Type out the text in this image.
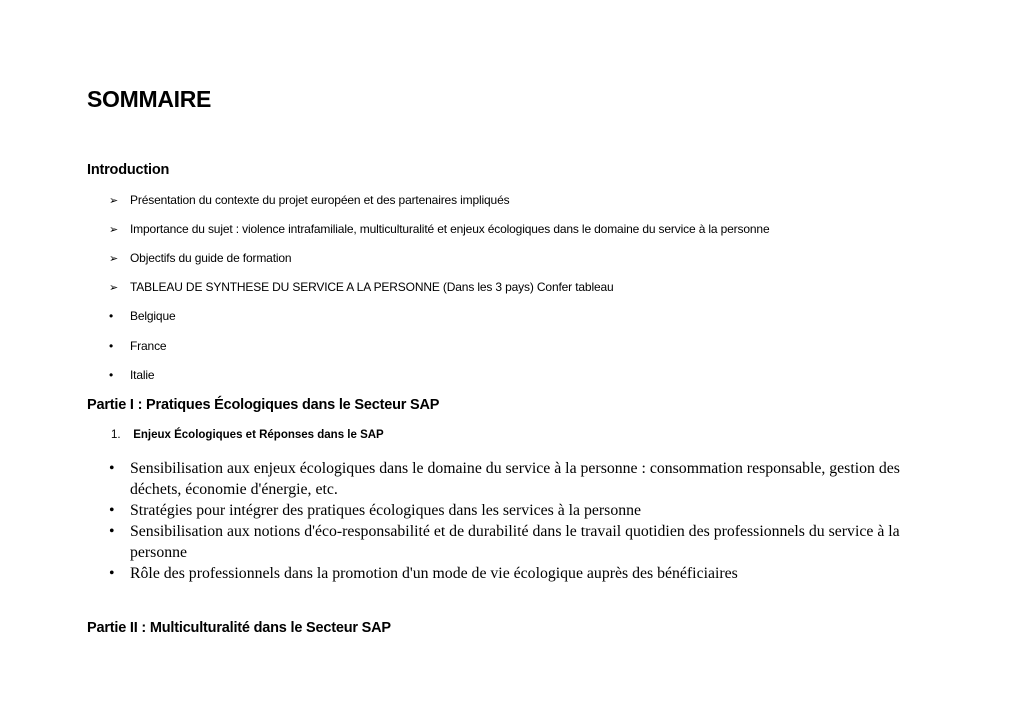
SOMMAIRE
Introduction
➢ Présentation du contexte du projet européen et des partenaires impliqués
➢ Importance du sujet : violence intrafamiliale, multiculturalité et enjeux écologiques dans le domaine du service à la personne
➢ Objectifs du guide de formation
➢ TABLEAU DE SYNTHESE DU SERVICE A LA PERSONNE (Dans les 3 pays) Confer tableau
•	Belgique
•	France
•	Italie
Partie I : Pratiques Écologiques dans le Secteur SAP
1. Enjeux Écologiques et Réponses dans le SAP
• Sensibilisation aux enjeux écologiques dans le domaine du service à la personne : consommation responsable, gestion des déchets, économie d'énergie, etc.
• Stratégies pour intégrer des pratiques écologiques dans les services à la personne
• Sensibilisation aux notions d'éco-responsabilité et de durabilité dans le travail quotidien des professionnels du service à la personne
• Rôle des professionnels dans la promotion d'un mode de vie écologique auprès des bénéficiaires
Partie II : Multiculturalité dans le Secteur SAP
